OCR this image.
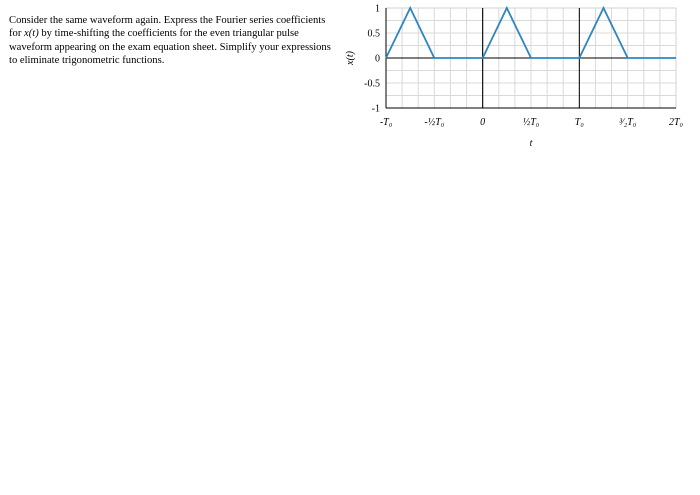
Consider the same waveform again. Express the Fourier series coefficients for x(t) by time-shifting the coefficients for the even triangular pulse waveform appearing on the exam equation sheet. Simplify your expressions to eliminate trigonometric functions.
1
0.5
0
-0.5
-1
-T₀	-½T₀	0	½T₀	T₀	³⁄₂T₀	2T₀
t
x(t)
